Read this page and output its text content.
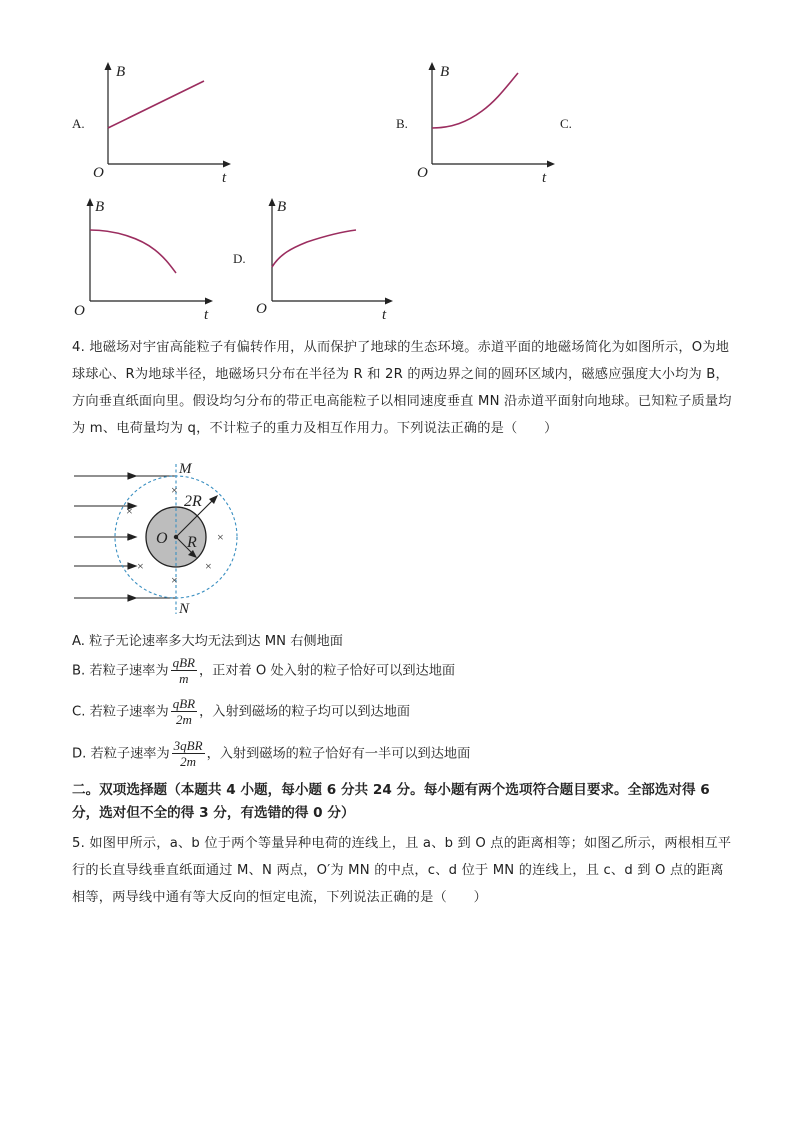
A.
B
O	t
B.
B
O	t
C.
B
O	t
D.
B
O	t
4. 地磁场对宇宙高能粒子有偏转作用，从而保护了地球的生态环境。赤道平面的地磁场简化为如图所示，O为地球球心、R为地球半径，地磁场只分布在半径为 R 和 2R 的两边界之间的圆环区域内，磁感应强度大小均为 B，方向垂直纸面向里。假设均匀分布的带正电高能粒子以相同速度垂直 MN 沿赤道平面射向地球。已知粒子质量均为 m、电荷量均为 q，不计粒子的重力及相互作用力。下列说法正确的是（　　）
×
×
×
×
×
×
×
M
N
O
2R
R
A. 粒子无论速率多大均无法到达 MN 右侧地面
B. 若粒子速率为 $\frac{\text{qBR}}{m}$ ，正对着 O 处入射的粒子恰好可以到达地面
C. 若粒子速率为 $\frac{\text{qBR}}{2m}$ ，入射到磁场的粒子均可以到达地面
D. 若粒子速率为 $\frac{\text{3qBR}}{2m}$ ，入射到磁场的粒子恰好有一半可以到达地面
二。双项选择题（本题共 4 小题，每小题 6 分共 24 分。每小题有两个选项符合题目要求。全部选对得 6 分，选对但不全的得 3 分，有选错的得 0 分）
5. 如图甲所示，a、b 位于两个等量异种电荷的连线上，且 a、b 到 O 点的距离相等；如图乙所示，两根相互平行的长直导线垂直纸面通过 M、N 两点，O′为 MN 的中点，c、d 位于 MN 的连线上，且 c、d 到 O 点的距离相等，两导线中通有等大反向的恒定电流，下列说法正确的是（　　）
